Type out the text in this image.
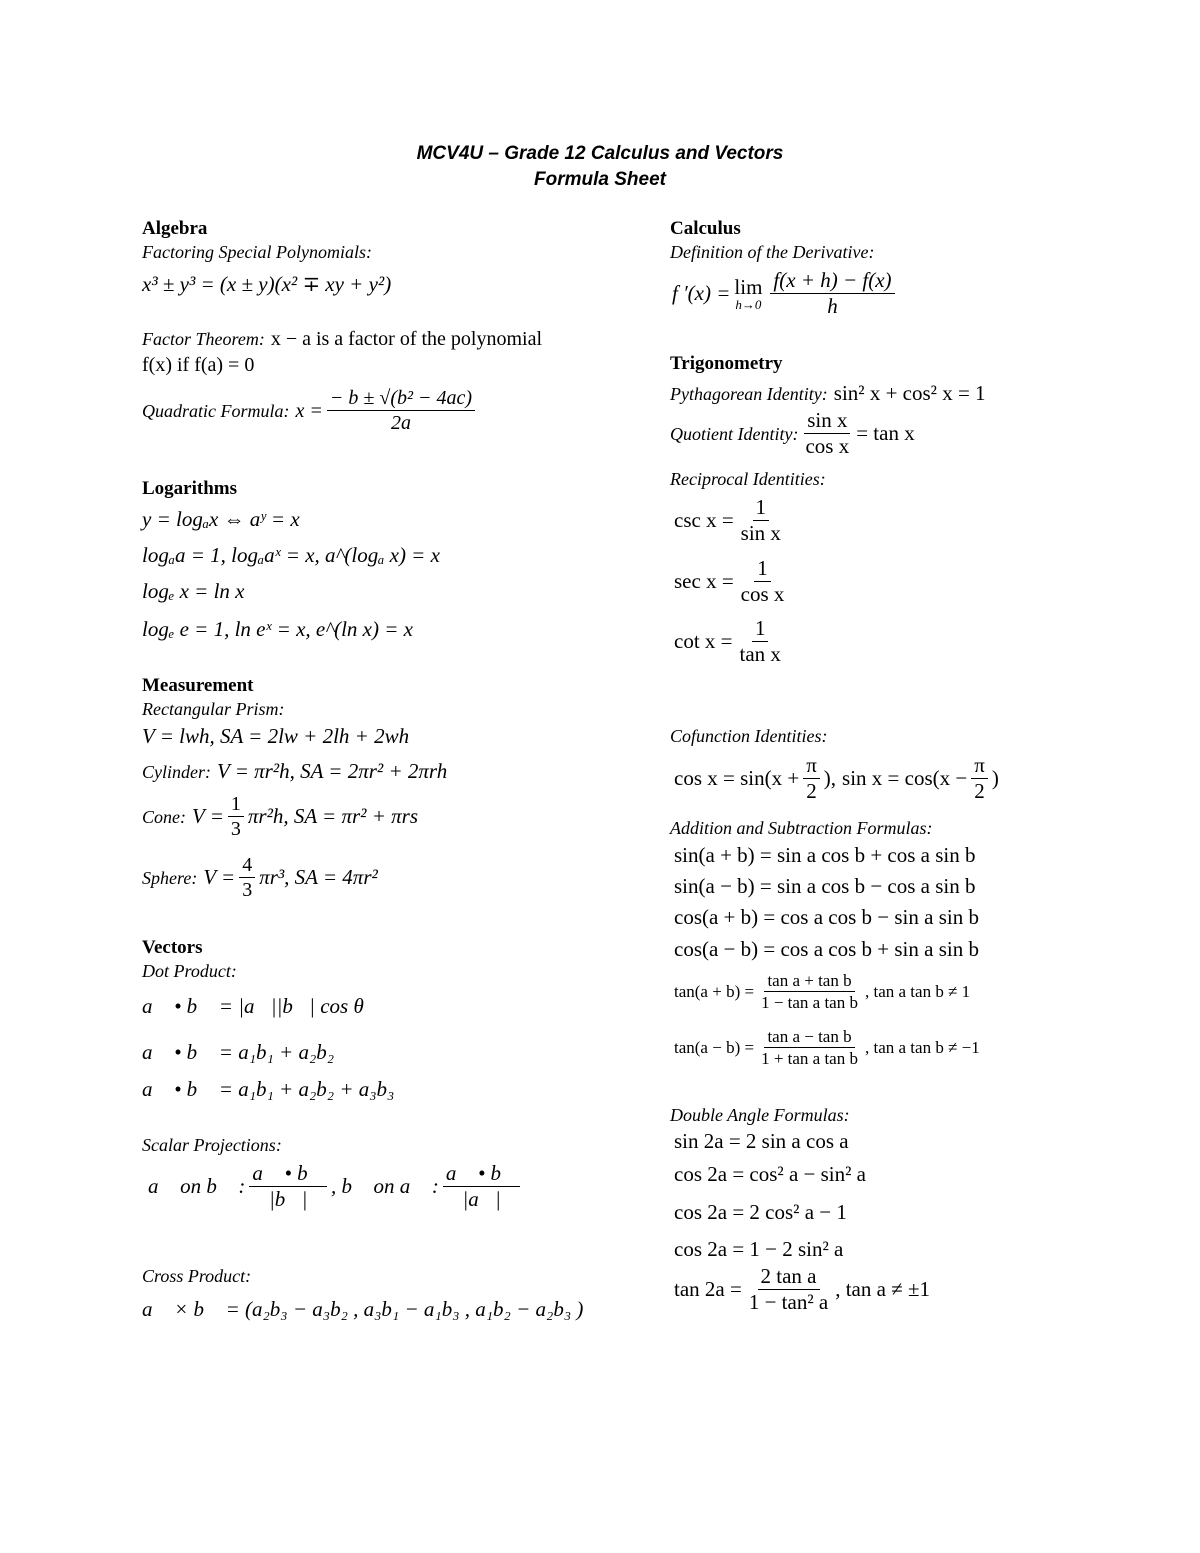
MCV4U – Grade 12 Calculus and Vectors
Formula Sheet
Algebra
Factoring Special Polynomials:
x³ ± y³ = (x ± y)(x² ∓ xy + y²)
Factor Theorem: x − a is a factor of the polynomial
f(x) if f(a) = 0
Quadratic Formula: $x = \frac{\text{− b ± √(b² − 4ac)}}{2a}$
Logarithms
y = logₐx ⇔ aʸ = x
logₐa = 1, logₐaˣ = x, a^(logₐ x) = x
logₑ x = ln x
logₑ e = 1, ln eˣ = x, e^(ln x) = x
Measurement
Rectangular Prism:
V = lwh, SA = 2lw + 2lh + 2wh
Cylinder: V = πr²h, SA = 2πr² + 2πrh
Cone: $V = \frac{1}{3} \pi r^2h$, SA = πr² + πrs
Sphere: $V = \frac{4}{3} \pi r^3$, SA = 4πr²
Vectors
Dot Product:
a⃗ • b⃗ = |a⃗||b⃗| cos θ
a⃗ • b⃗ = a₁b₁ + a₂b₂
a⃗ • b⃗ = a₁b₁ + a₂b₂ + a₃b₃
Scalar Projections:
a⃗ on b⃗ : $\frac{a⃗ • b⃗}{|b⃗|}$ , b⃗ on a⃗ : $\frac{a⃗ • b⃗}{|a⃗|}$
Cross Product:
a⃗ × b⃗ = (a₂b₃ − a₃b₂ , a₃b₁ − a₁b₃ , a₁b₂ − a₂b₃ )
Calculus
Definition of the Derivative:
f ′(x) = lim
$h\to 0 \frac{f(x + h) - f(x)}{h}$
Trigonometry
Pythagorean Identity: sin² x + cos² x = 1
Quotient Identity: $\frac{\text{sin x}}{\text{cos x}} = \tan x$
Reciprocal Identities:
$\csc x = \frac{1}{\text{sin x}}$
$\sec x = \frac{1}{\text{cos x}}$
$\cot x = \frac{1}{\text{tan x}}$
Cofunction Identities:
$\cos x = \sin(x + \frac{\pi}{2}$ ), $\sin x = \cos(x - \frac{\pi}{2}$ )
Addition and Subtraction Formulas:
sin(a + b) = sin a cos b + cos a sin b
sin(a − b) = sin a cos b − cos a sin b
cos(a + b) = cos a cos b − sin a sin b
cos(a − b) = cos a cos b + sin a sin b
$\tan(a + b) = \frac{\text{tan a + tan b}}{\text{1 − tan a tan b}}$ , tan a tan b ≠ 1
$\tan(a - b) = \frac{\text{tan a − tan b}}{\text{1 + tan a tan b}}$ , tan a tan b ≠ −1
Double Angle Formulas:
sin 2a = 2 sin a cos a
cos 2a = cos² a − sin² a
cos 2a = 2 cos² a − 1
cos 2a = 1 − 2 sin² a
$\tan 2a = \frac{\text{2 tan a}}{\text{1 − tan² a}}$ , tan a ≠ ±1
